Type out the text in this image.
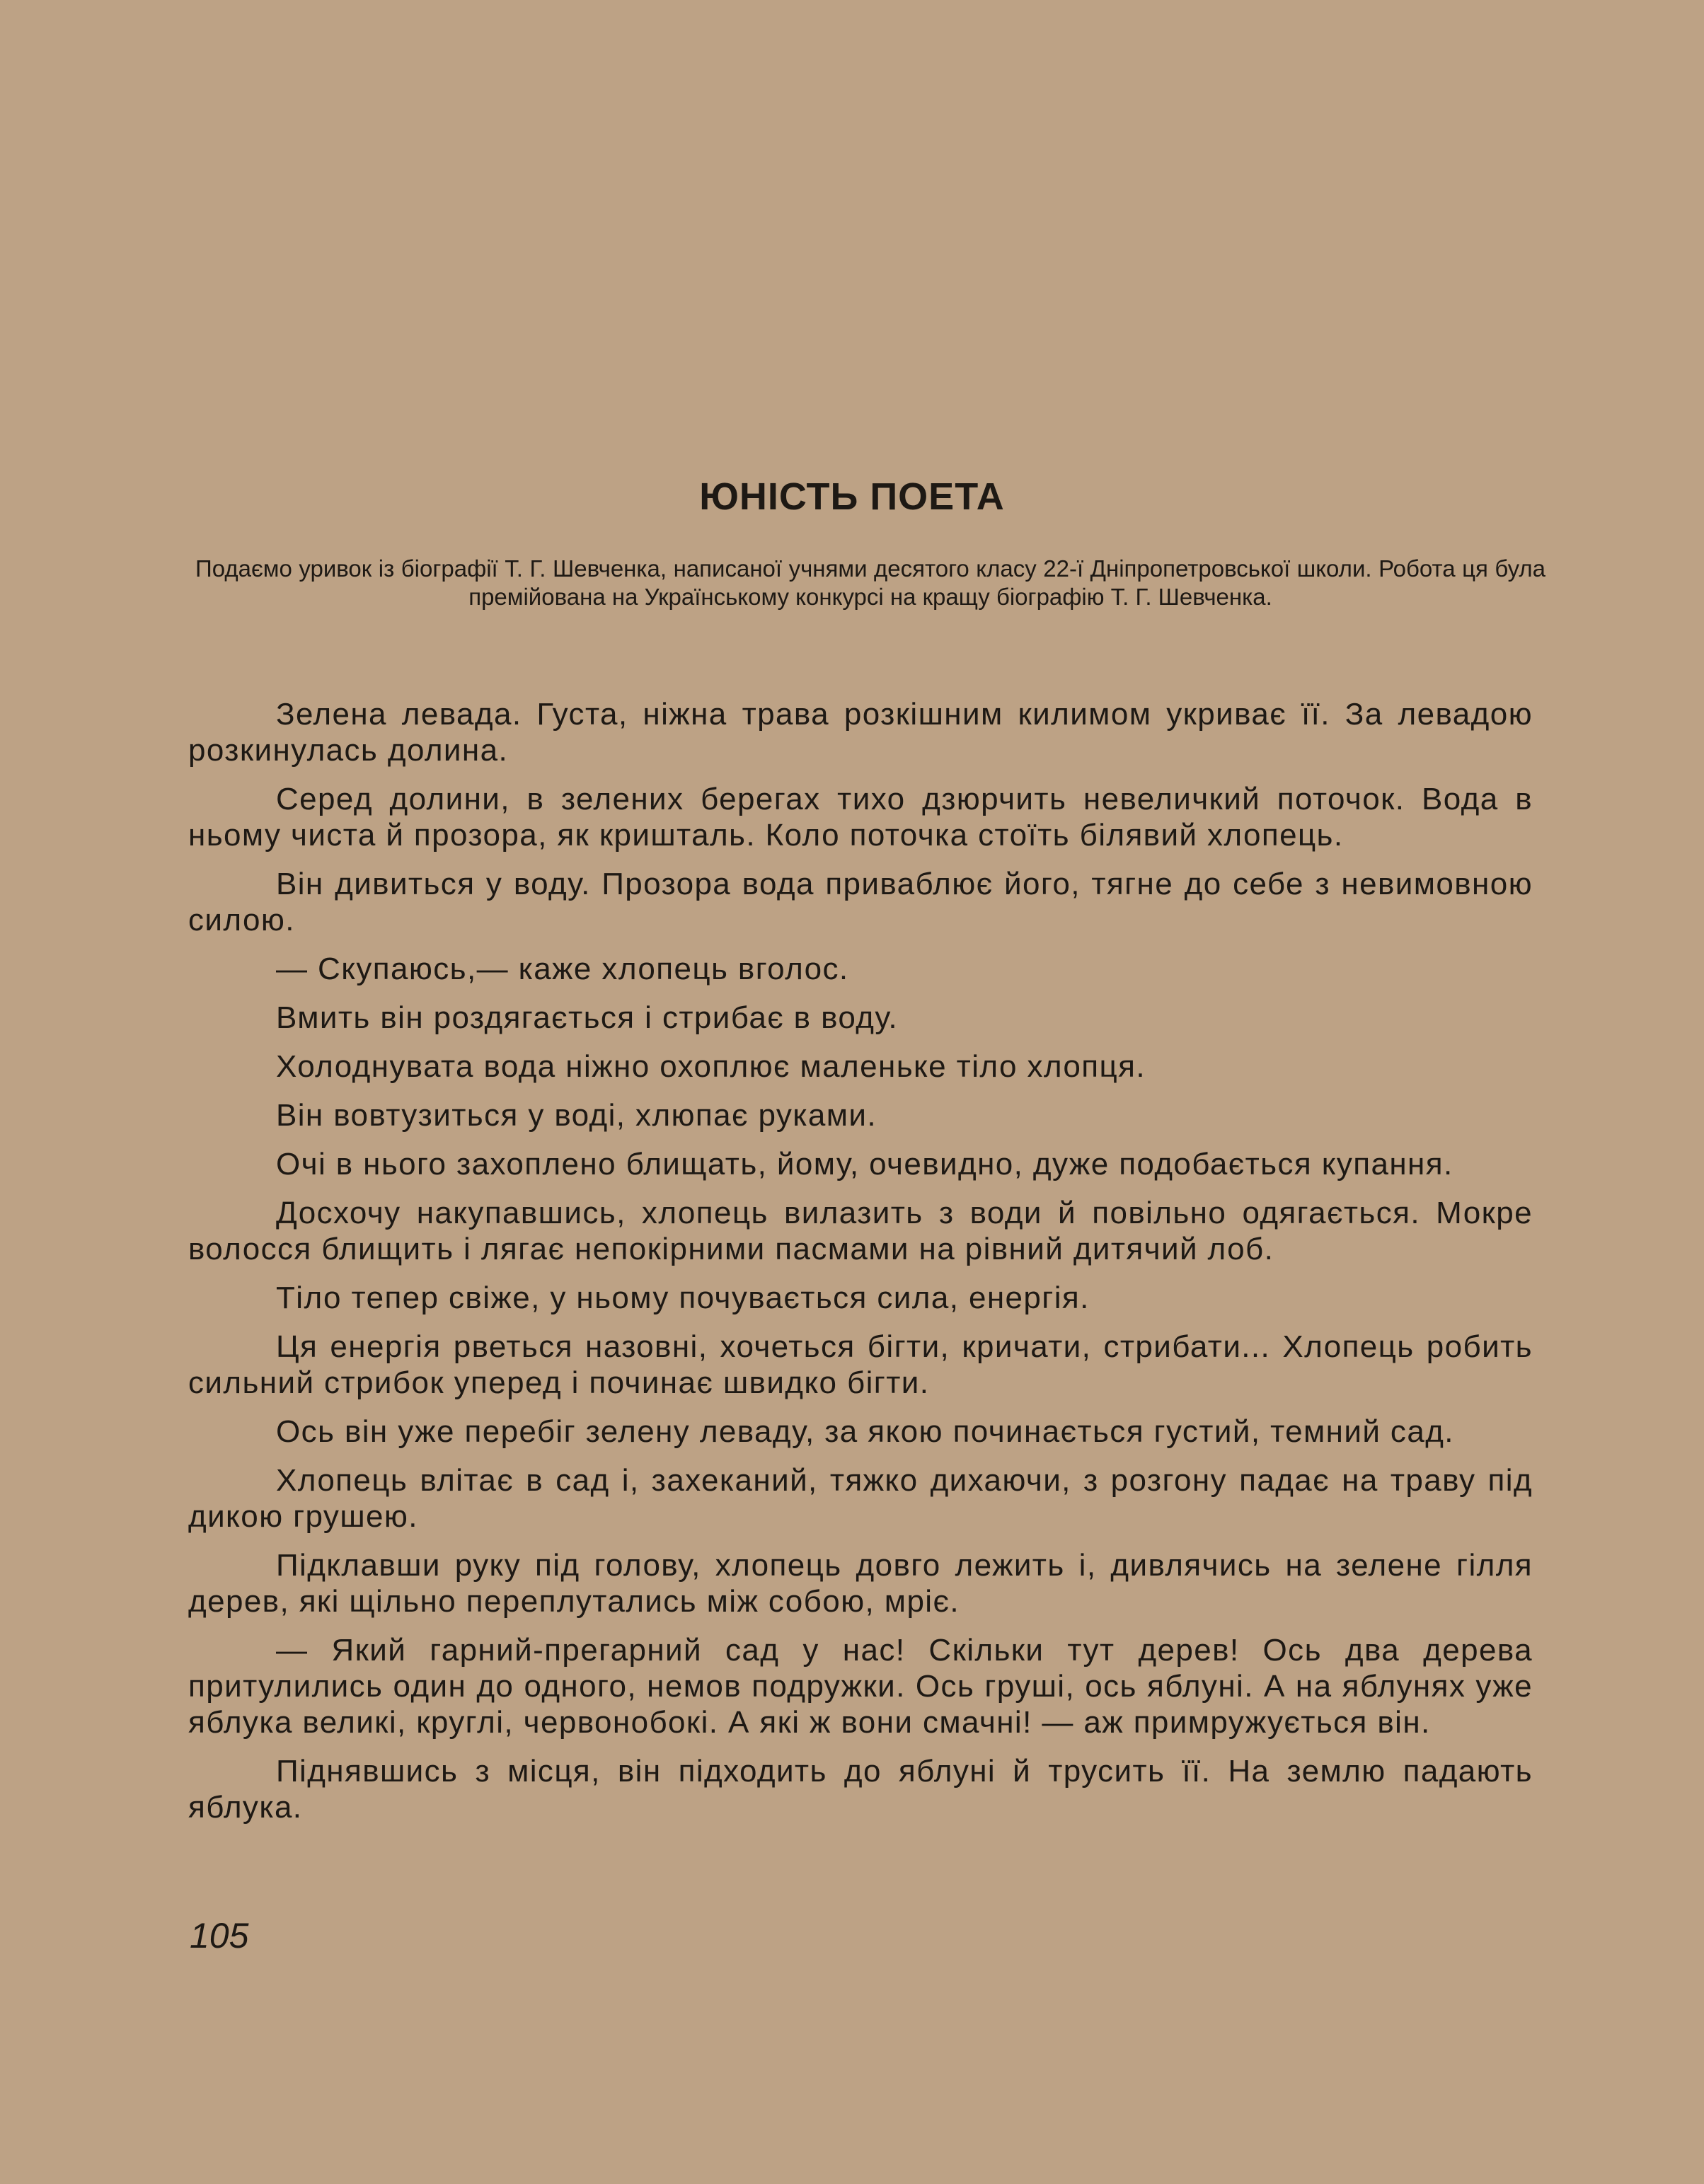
ЮНІСТЬ ПОЕТА

Подаємо уривок із біографії Т. Г. Шевченка, написаної учнями десятого класу 22-ї Дніпропетровської школи. Робота ця була премійована на Українському конкурсі на кращу біографію Т. Г. Шевченка.

Зелена левада. Густа, ніжна трава розкішним килимом укриває її. За левадою розкинулась долина.

Серед долини, в зелених берегах тихо дзюрчить невеличкий поточок. Вода в ньому чиста й прозора, як кришталь. Коло поточка стоїть білявий хлопець.

Він дивиться у воду. Прозора вода приваблює його, тягне до себе з невимовною силою.

— Скупаюсь,— каже хлопець вголос.

Вмить він роздягається і стрибає в воду.

Холоднувата вода ніжно охоплює маленьке тіло хлопця.

Він вовтузиться у воді, хлюпає руками.

Очі в нього захоплено блищать, йому, очевидно, дуже подобається купання.

Досхочу накупавшись, хлопець вилазить з води й повільно одягається. Мокре волосся блищить і лягає непокірними пасмами на рівний дитячий лоб.

Тіло тепер свіже, у ньому почувається сила, енергія.

Ця енергія рветься назовні, хочеться бігти, кричати, стрибати... Хлопець робить сильний стрибок уперед і починає швидко бігти.

Ось він уже перебіг зелену леваду, за якою починається густий, темний сад.

Хлопець влітає в сад і, захеканий, тяжко дихаючи, з розгону падає на траву під дикою грушею.

Підклавши руку під голову, хлопець довго лежить і, дивлячись на зелене гілля дерев, які щільно переплутались між собою, мріє.

— Який гарний-прегарний сад у нас! Скільки тут дерев! Ось два дерева притулились один до одного, немов подружки. Ось груші, ось яблуні. А на яблунях уже яблука великі, круглі, червонобокі. А які ж вони смачні! — аж примружується він.

Піднявшись з місця, він підходить до яблуні й трусить її. На землю падають яблука.

105
